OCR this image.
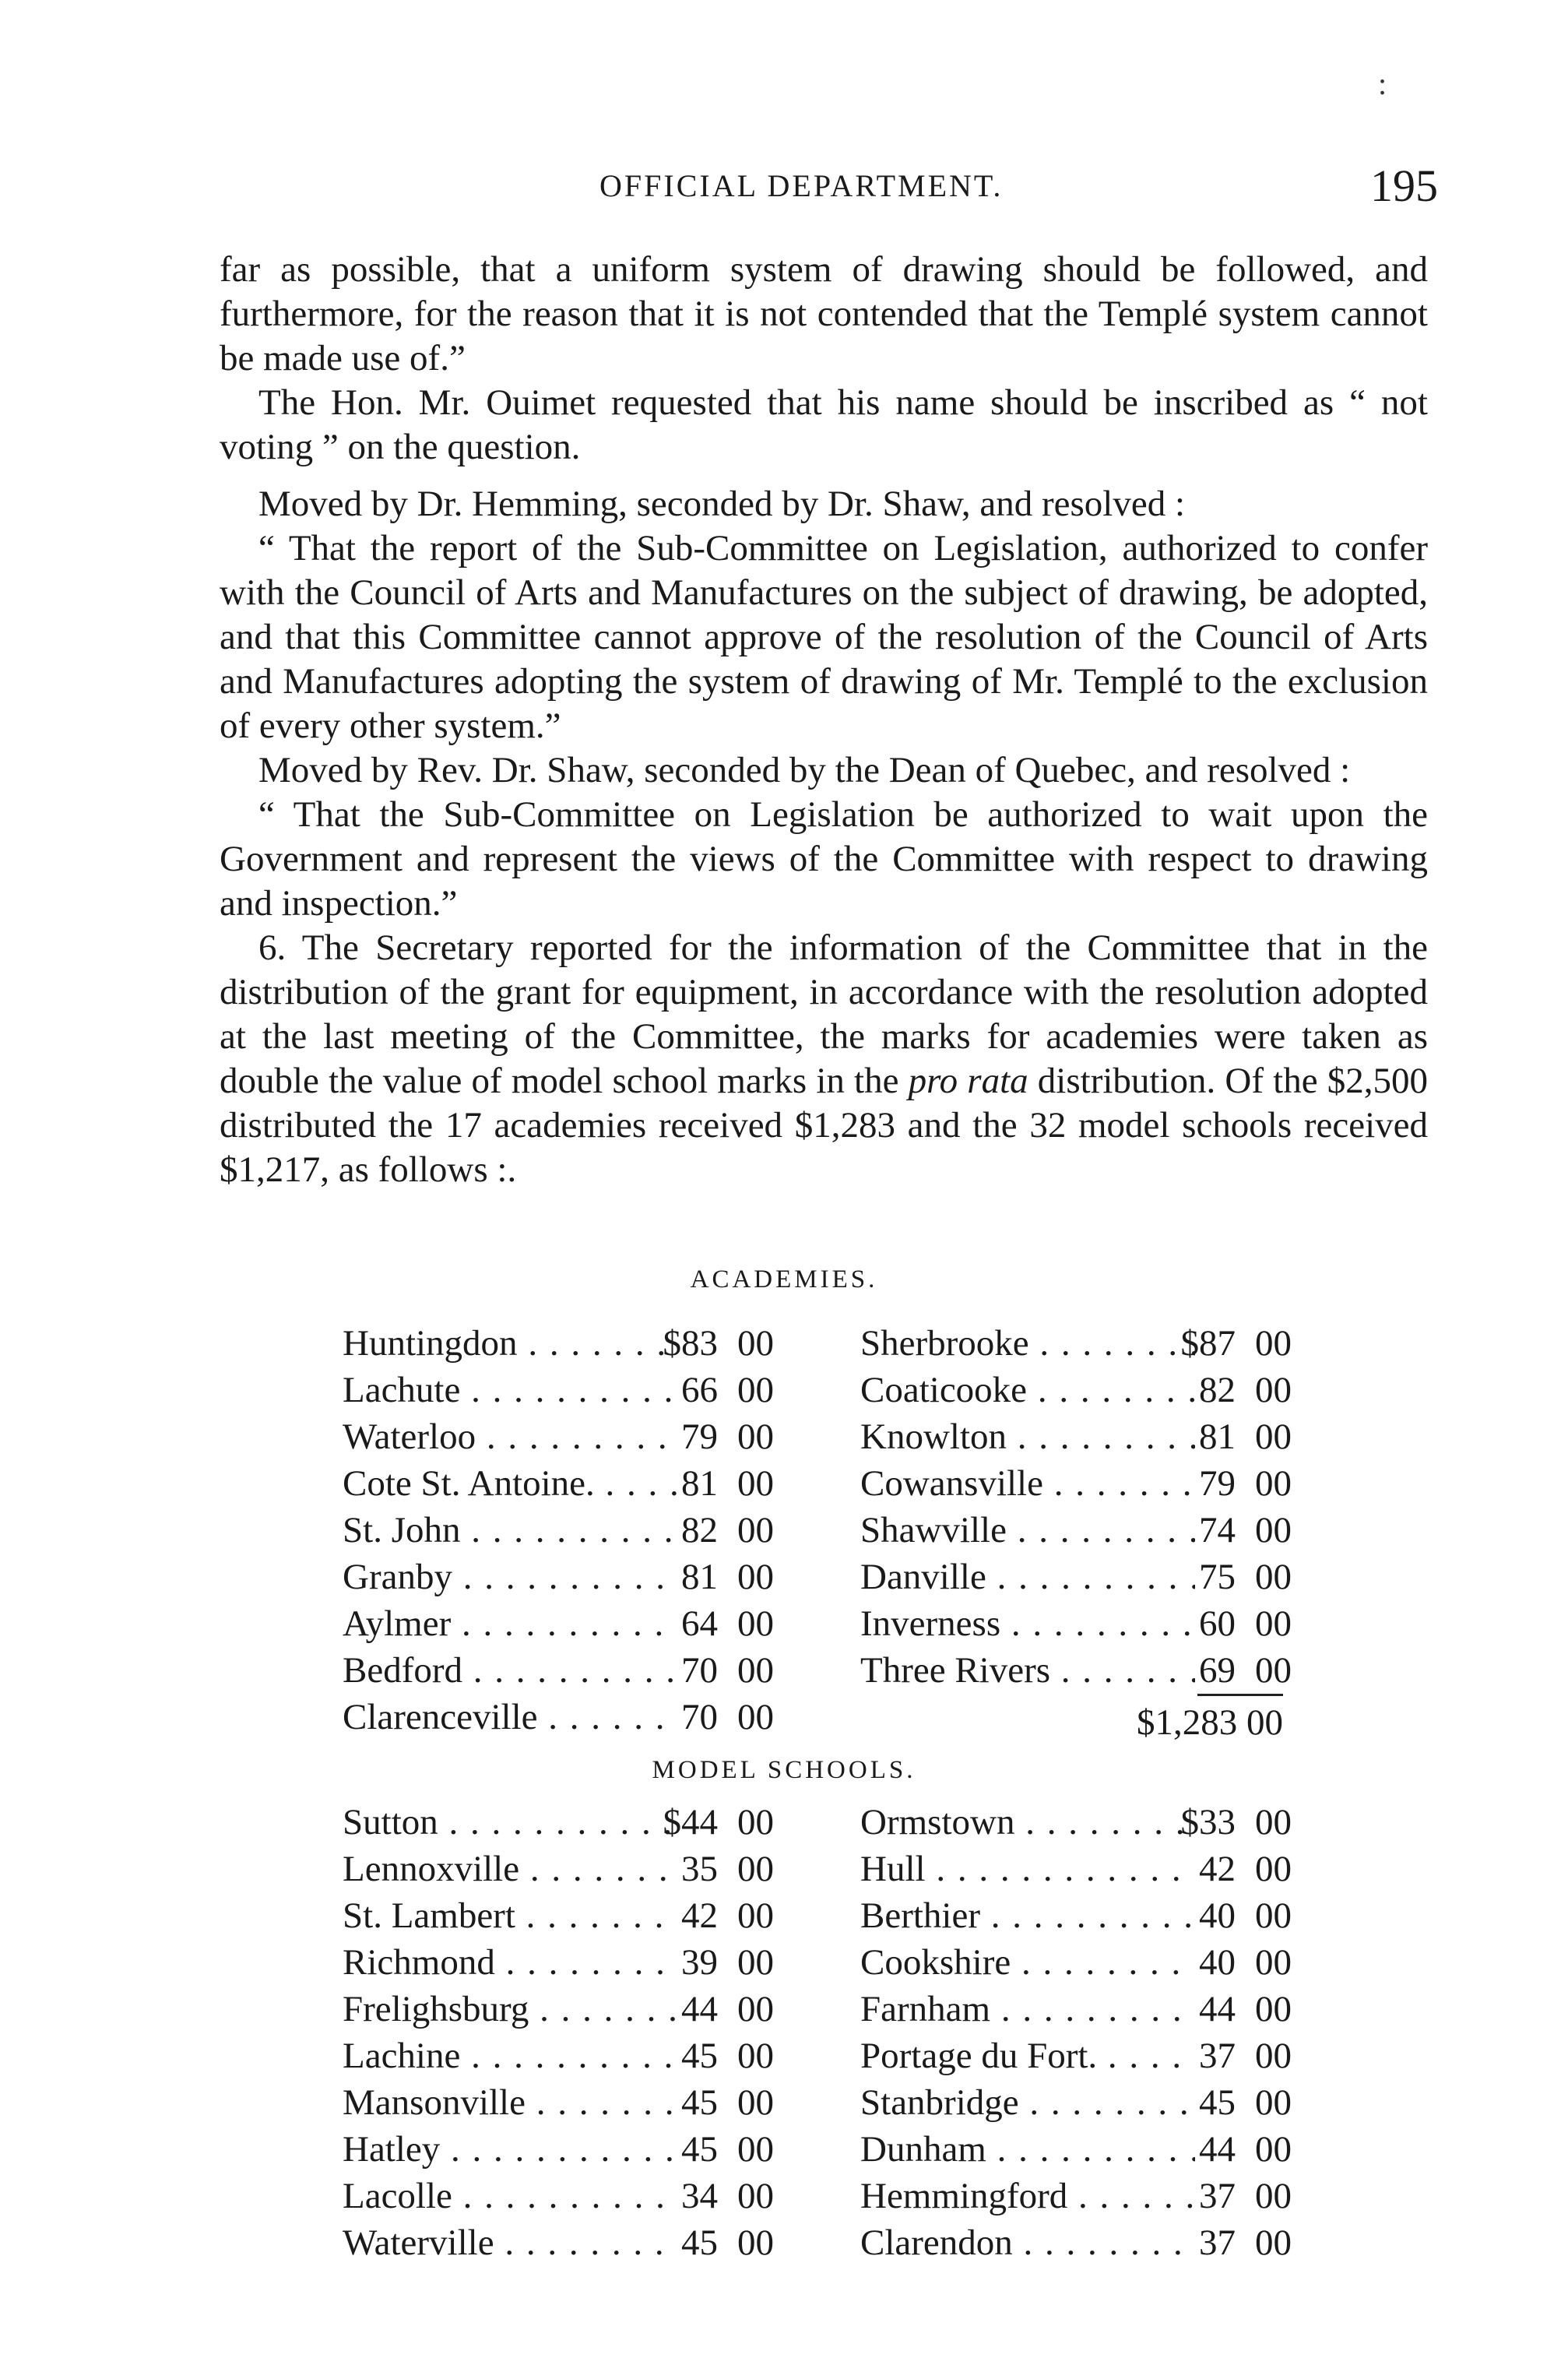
:
OFFICIAL DEPARTMENT.	195

far as possible, that a uniform system of drawing should be followed, and furthermore, for the reason that it is not contended that the Templé system cannot be made use of.”

The Hon. Mr. Ouimet requested that his name should be inscribed as “ not voting ” on the question.

Moved by Dr. Hemming, seconded by Dr. Shaw, and resolved :

“ That the report of the Sub-Committee on Legislation, authorized to confer with the Council of Arts and Manufactures on the subject of drawing, be adopted, and that this Committee cannot approve of the resolution of the Council of Arts and Manufactures adopting the system of drawing of Mr. Templé to the exclusion of every other system.”

Moved by Rev. Dr. Shaw, seconded by the Dean of Quebec, and resolved :

“ That the Sub-Committee on Legislation be authorized to wait upon the Government and represent the views of the Committee with respect to drawing and inspection.”

6. The Secretary reported for the information of the Committee that in the distribution of the grant for equipment, in accordance with the resolution adopted at the last meeting of the Committee, the marks for academies were taken as double the value of model school marks in the pro rata distribution. Of the $2,500 distributed the 17 academies received $1,283 and the 32 model schools received $1,217, as follows :.

ACADEMIES.
Huntingdon . . .	$83 00
Lachute . . .	66 00
Waterloo . . .	79 00
Cote St. Antoine. . . .	81 00
St. John . . .	82 00
Granby . . .	81 00
Aylmer . . .	64 00
Bedford . . .	70 00
Clarenceville . . .	70 00
Sherbrooke . . .	$87 00
Coaticooke . . .	82 00
Knowlton . . .	81 00
Cowansville . . .	79 00
Shawville . . .	74 00
Danville . . .	75 00
Inverness . . .	60 00
Three Rivers . . .	69 00
$1,283 00
MODEL SCHOOLS.
Sutton . . .	$44 00
Lennoxville . . .	35 00
St. Lambert . . .	42 00
Richmond . . .	39 00
Frelighsburg . . .	44 00
Lachine . . .	45 00
Mansonville . . .	45 00
Hatley . . .	45 00
Lacolle . . .	34 00
Waterville . . .	45 00
Ormstown . . .	$33 00
Hull . . .	42 00
Berthier . . .	40 00
Cookshire . . .	40 00
Farnham . . .	44 00
Portage du Fort. . . .	37 00
Stanbridge . . .	45 00
Dunham . . .	44 00
Hemmingford . . .	37 00
Clarendon . . .	37 00
